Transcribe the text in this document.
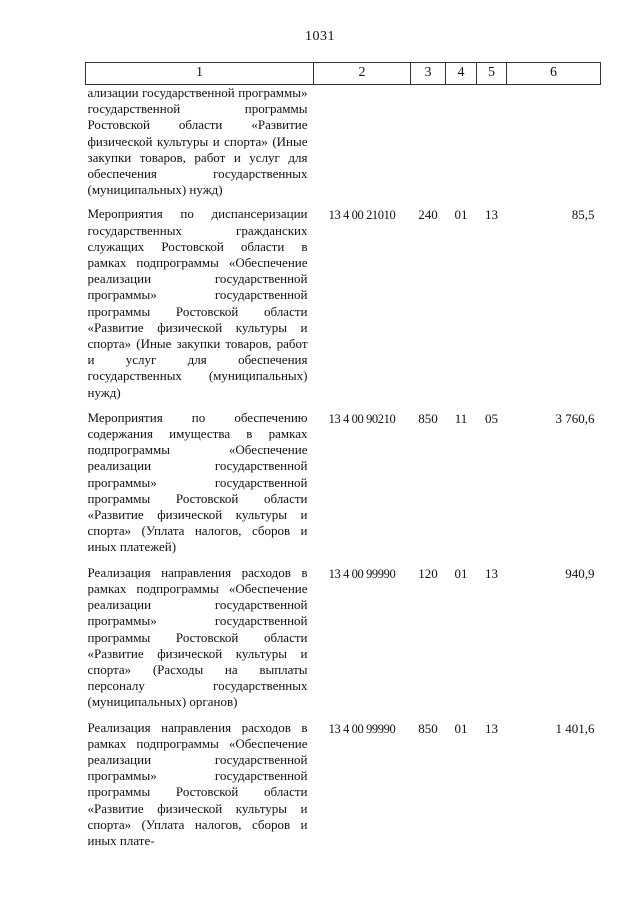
1031
1	2	3	4	5	6
ализации государственной программы» государственной программы Ростовской области «Развитие физической культуры и спорта» (Иные закупки товаров, работ и услуг для обеспечения государственных (муниципальных) нужд)					
Мероприятия по диспансеризации государственных гражданских служащих Ростовской области в рамках подпрограммы «Обеспечение реализации государственной программы» государственной программы Ростовской области «Развитие физической культуры и спорта» (Иные закупки товаров, работ и услуг для обеспечения государственных (муниципальных) нужд)	13 4 00 21010	240	01	13	85,5
Мероприятия по обеспечению содержания имущества в рамках подпрограммы «Обеспечение реализации государственной программы» государственной программы Ростовской области «Развитие физической культуры и спорта» (Уплата налогов, сборов и иных платежей)	13 4 00 90210	850	11	05	3 760,6
Реализация направления расходов в рамках подпрограммы «Обеспечение реализации государственной программы» государственной программы Ростовской области «Развитие физической культуры и спорта» (Расходы на выплаты персоналу государственных (муниципальных) органов)	13 4 00 99990	120	01	13	940,9
Реализация направления расходов в рамках подпрограммы «Обеспечение реализации государственной программы» государственной программы Ростовской области «Развитие физической культуры и спорта» (Уплата налогов, сборов и иных плате-	13 4 00 99990	850	01	13	1 401,6
